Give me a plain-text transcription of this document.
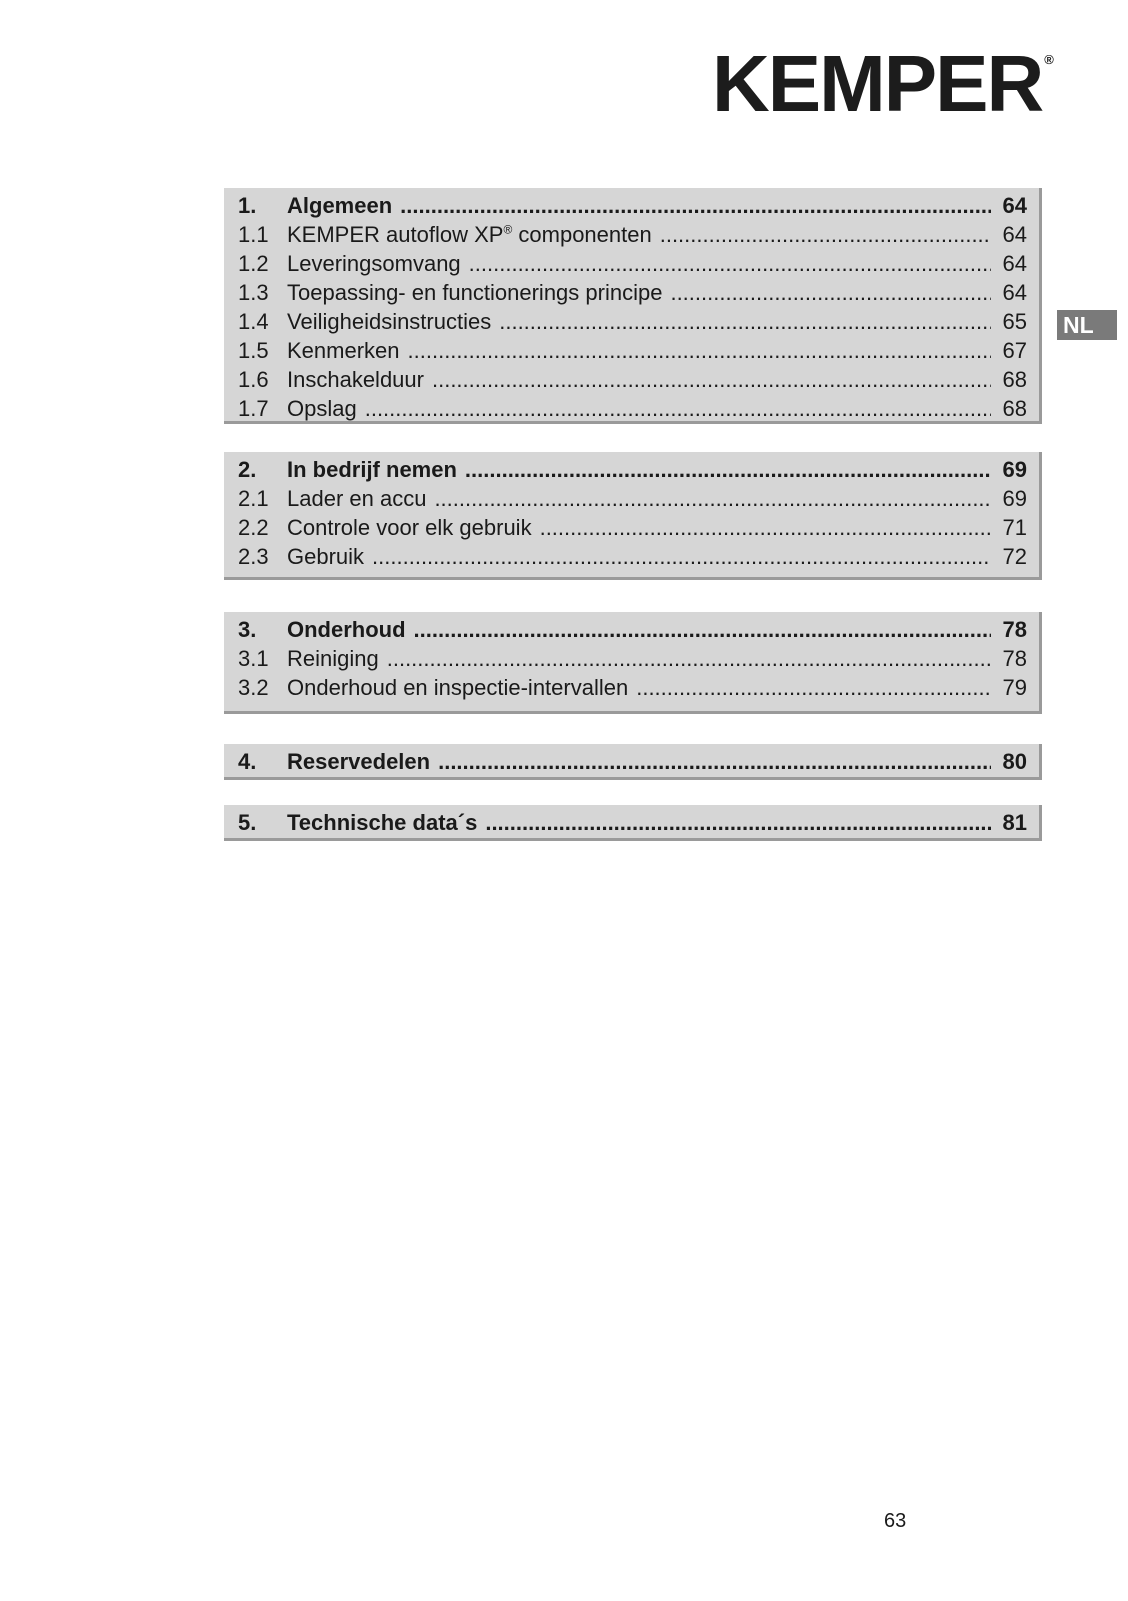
KEMPER ®
NL
1.	Algemeen .....	64
1.1 KEMPER autoflow XP® componenten .....	64
1.2 Leveringsomvang .....	64
1.3 Toepassing- en functionerings principe .....	64
1.4 Veiligheidsinstructies .....	65
1.5 Kenmerken .....	67
1.6 Inschakelduur .....	68
1.7 Opslag .....	68
2.	In bedrijf nemen .....	69
2.1 Lader en accu .....	69
2.2 Controle voor elk gebruik .....	71
2.3 Gebruik .....	72
3.	Onderhoud .....	78
3.1 Reiniging .....	78
3.2 Onderhoud en inspectie-intervallen .....	79
4.	Reservedelen .....	80
5.	Technische data´s .....	81
63
